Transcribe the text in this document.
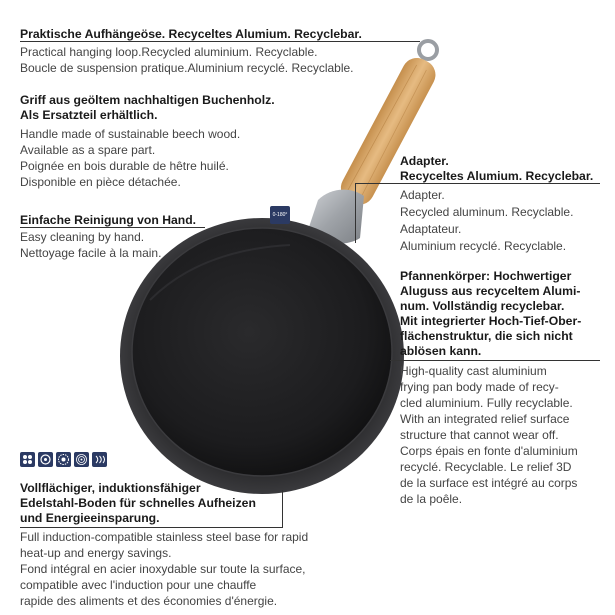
0-180°
Praktische Aufhängeöse. Recyceltes Alumium. Recyclebar.
Practical hanging loop.Recycled aluminium. Recyclable.
Boucle de suspension pratique.Aluminium recyclé. Recyclable.
Griff aus geöltem nachhaltigen Buchenholz.
Als Ersatzteil erhältlich.
Handle made of sustainable beech wood.
Available as a spare part.
Poignée en bois durable de hêtre huilé.
Disponible en pièce détachée.
Einfache Reinigung von Hand.
Easy cleaning by hand.
Nettoyage facile à la main.
Adapter.
Recyceltes Alumium. Recyclebar.
Adapter.
Recycled aluminum. Recyclable.
Adaptateur.
Aluminium recyclé. Recyclable.
Pfannenkörper: Hochwertiger
Aluguss aus recyceltem Alumi-
num. Vollständig recyclebar.
Mit integrierter Hoch-Tief-Ober-
flächenstruktur, die sich nicht
ablösen kann.
High-quality cast aluminium
frying pan body made of recy-
cled aluminium. Fully recyclable.
With an integrated relief surface
structure that cannot wear off.
Corps épais en fonte d'aluminium
recyclé. Recyclable. Le relief 3D
de la surface est intégré au corps
de la poêle.
Vollflächiger, induktionsfähiger
Edelstahl-Boden für schnelles Aufheizen
und Energieeinsparung.
Full induction-compatible stainless steel base for rapid
heat-up and energy savings.
Fond intégral en acier inoxydable sur toute la surface,
compatible avec l'induction pour une chauffe
rapide des aliments et des économies d'énergie.
